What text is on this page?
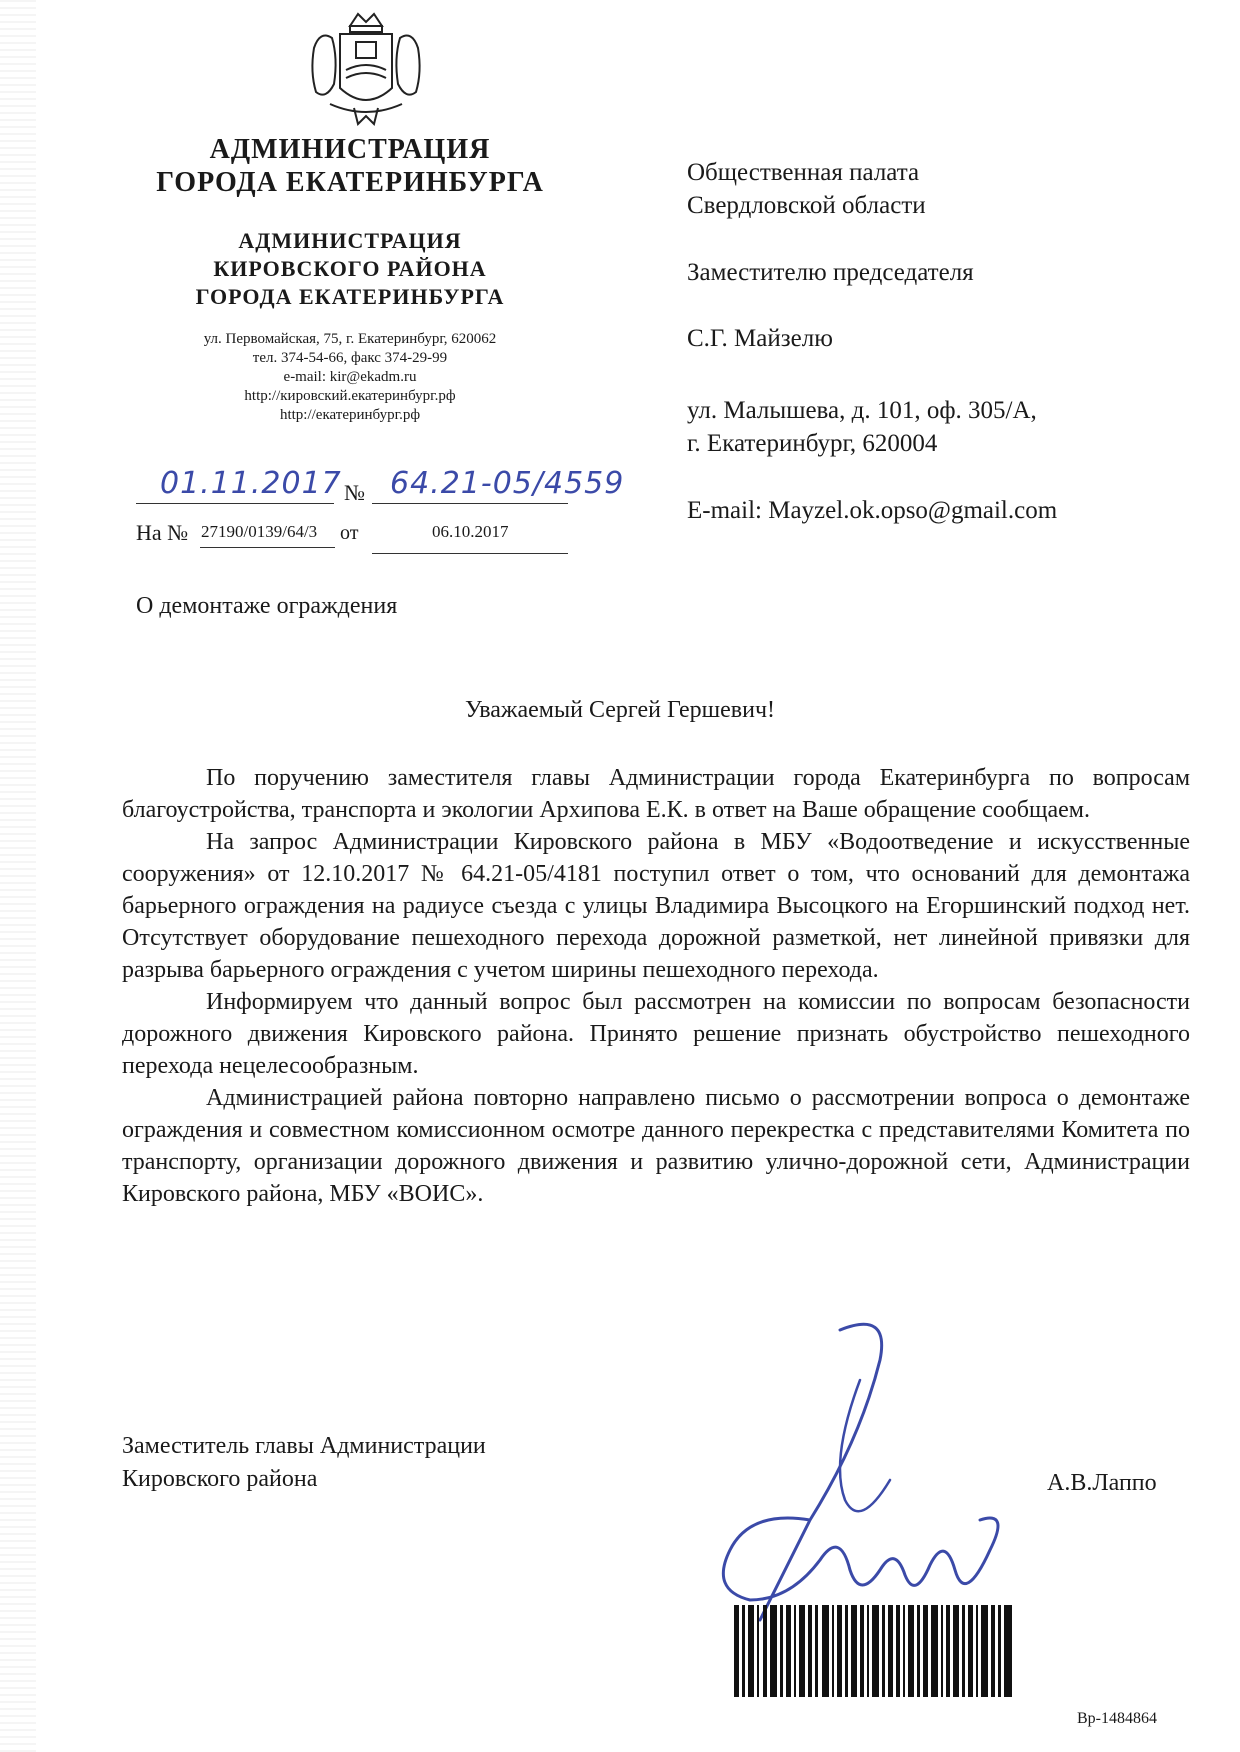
АДМИНИСТРАЦИЯ
ГОРОДА ЕКАТЕРИНБУРГА
АДМИНИСТРАЦИЯ
КИРОВСКОГО РАЙОНА
ГОРОДА ЕКАТЕРИНБУРГА
ул. Первомайская, 75, г. Екатеринбург, 620062
тел. 374-54-66, факс 374-29-99
e-mail: kir@ekadm.ru
http://кировский.екатеринбург.рф
http://екатеринбург.рф
01.11.2017 № 64.21-05/4559
На № 27190/0139/64/3 от	06.10.2017
Общественная палата
Свердловской области
Заместителю председателя
С.Г. Майзелю
ул. Малышева, д. 101, оф. 305/А,
г. Екатеринбург, 620004
E-mail: Mayzel.ok.opso@gmail.com
О демонтаже ограждения
Уважаемый Сергей Гершевич!

По поручению заместителя главы Администрации города Екатеринбурга по вопросам благоустройства, транспорта и экологии Архипова Е.К. в ответ на Ваше обращение сообщаем.

На запрос Администрации Кировского района в МБУ «Водоотведение и искусственные сооружения» от 12.10.2017 № 64.21-05/4181 поступил ответ о том, что оснований для демонтажа барьерного ограждения на радиусе съезда с улицы Владимира Высоцкого на Егоршинский подход нет. Отсутствует оборудование пешеходного перехода дорожной разметкой, нет линейной привязки для разрыва барьерного ограждения с учетом ширины пешеходного перехода.

Информируем что данный вопрос был рассмотрен на комиссии по вопросам безопасности дорожного движения Кировского района. Принято решение признать обустройство пешеходного перехода нецелесообразным.

Администрацией района повторно направлено письмо о рассмотрении вопроса о демонтаже ограждения и совместном комиссионном осмотре данного перекрестка с представителями Комитета по транспорту, организации дорожного движения и развитию улично-дорожной сети, Администрации Кировского района, МБУ «ВОИС».

Заместитель главы Администрации
Кировского района	А.В.Лаппо
Вр-1484864
